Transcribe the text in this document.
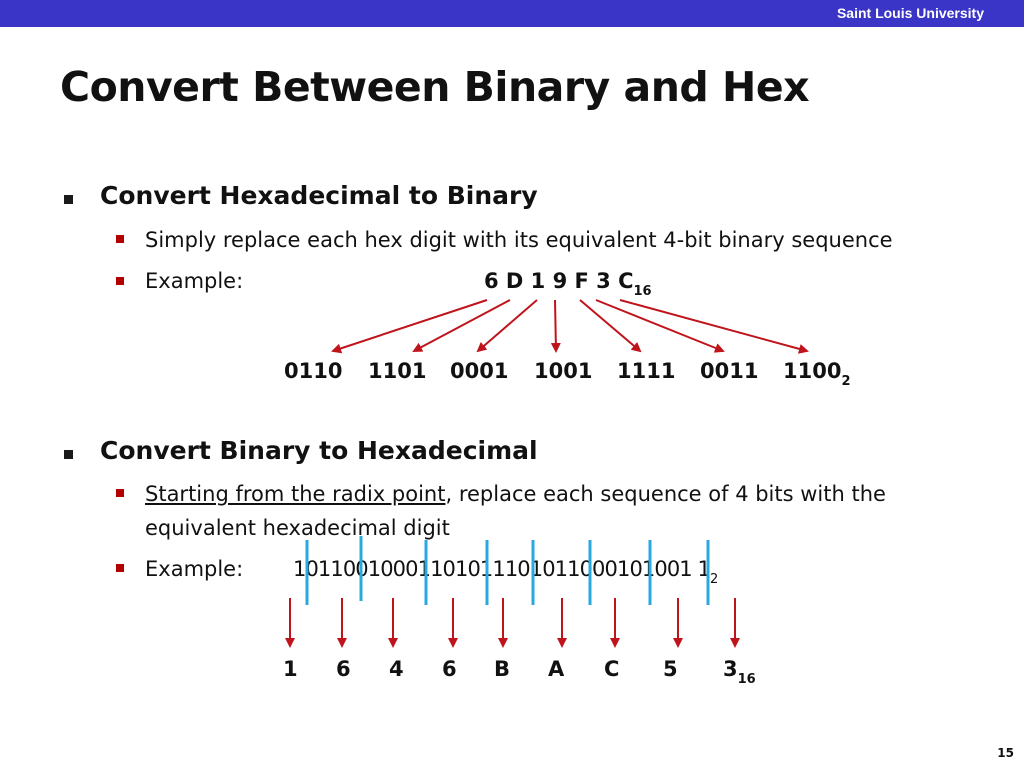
Saint Louis University
Convert Between Binary and Hex
Convert Hexadecimal to Binary
Simply replace each hex digit with its equivalent 4-bit binary sequence
Example:	6 D 1 9 F 3 $C_{16}$
0110 1101 0001 1001 1111 0011 $1100_2$
Convert Binary to Hexadecimal
Starting from the radix point, replace each sequence of 4 bits with the
equivalent hexadecimal digit
Example: 10110010001101011101011000101001 $1_2$
1 6 4 6 B A C 5 $3_{16}$
15
